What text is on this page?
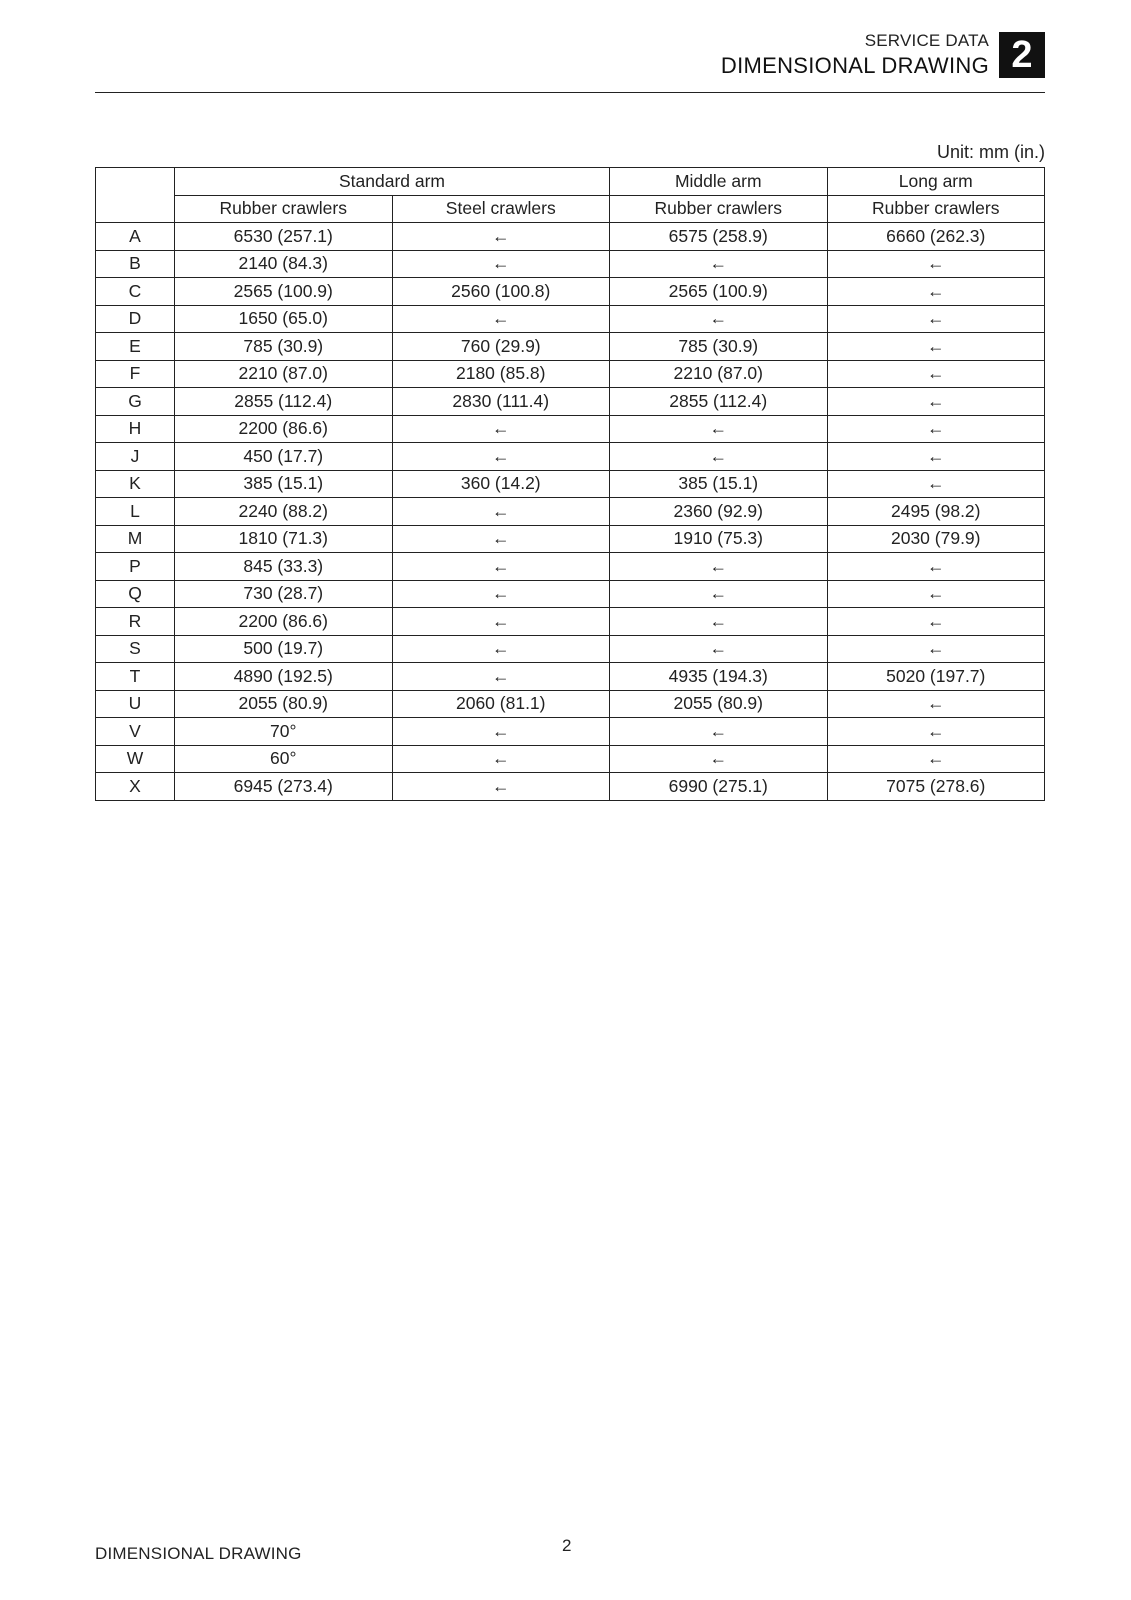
SERVICE DATA
DIMENSIONAL DRAWING 2
Unit: mm (in.)
	Standard arm		Middle arm	Long arm
	Rubber crawlers	Steel crawlers	Rubber crawlers	Rubber crawlers
A	6530 (257.1)	←	6575 (258.9)	6660 (262.3)
B	2140 (84.3)	←	←	←
C	2565 (100.9)	2560 (100.8)	2565 (100.9)	←
D	1650 (65.0)	←	←	←
E	785 (30.9)	760 (29.9)	785 (30.9)	←
F	2210 (87.0)	2180 (85.8)	2210 (87.0)	←
G	2855 (112.4)	2830 (111.4)	2855 (112.4)	←
H	2200 (86.6)	←	←	←
J	450 (17.7)	←	←	←
K	385 (15.1)	360 (14.2)	385 (15.1)	←
L	2240 (88.2)	←	2360 (92.9)	2495 (98.2)
M	1810 (71.3)	←	1910 (75.3)	2030 (79.9)
P	845 (33.3)	←	←	←
Q	730 (28.7)	←	←	←
R	2200 (86.6)	←	←	←
S	500 (19.7)	←	←	←
T	4890 (192.5)	←	4935 (194.3)	5020 (197.7)
U	2055 (80.9)	2060 (81.1)	2055 (80.9)	←
V	70°	←	←	←
W	60°	←	←	←
X	6945 (273.4)	←	6990 (275.1)	7075 (278.6)
DIMENSIONAL DRAWING	2
